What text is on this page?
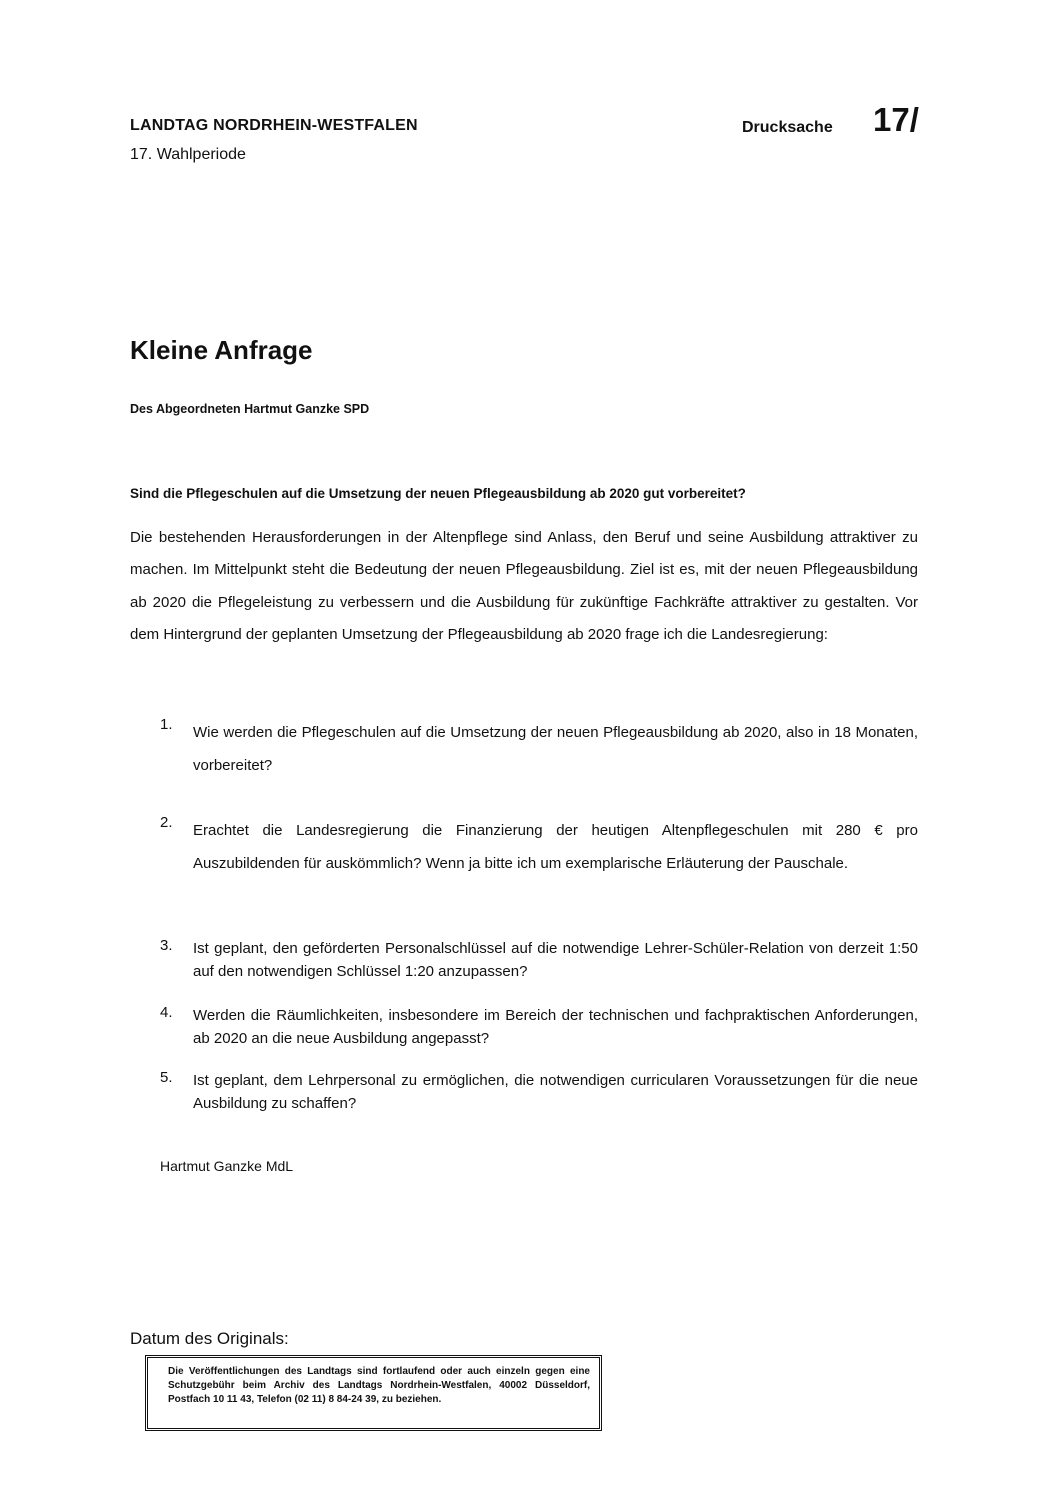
LANDTAG NORDRHEIN-WESTFALEN
17. Wahlperiode
Drucksache 17/
Kleine Anfrage
Des Abgeordneten Hartmut Ganzke SPD
Sind die Pflegeschulen auf die Umsetzung der neuen Pflegeausbildung ab 2020 gut vorbereitet?
Die bestehenden Herausforderungen in der Altenpflege sind Anlass, den Beruf und seine Ausbildung attraktiver zu machen. Im Mittelpunkt steht die Bedeutung der neuen Pflegeausbildung. Ziel ist es, mit der neuen Pflegeausbildung ab 2020 die Pflegeleistung zu verbessern und die Ausbildung für zukünftige Fachkräfte attraktiver zu gestalten. Vor dem Hintergrund der geplanten Umsetzung der Pflegeausbildung ab 2020 frage ich die Landesregierung:
1. Wie werden die Pflegeschulen auf die Umsetzung der neuen Pflegeausbildung ab 2020, also in 18 Monaten, vorbereitet?
2. Erachtet die Landesregierung die Finanzierung der heutigen Altenpflegeschulen mit 280 € pro Auszubildenden für auskömmlich? Wenn ja bitte ich um exemplarische Erläuterung der Pauschale.
3. Ist geplant, den geförderten Personalschlüssel auf die notwendige Lehrer-Schüler-Relation von derzeit 1:50 auf den notwendigen Schlüssel 1:20 anzupassen?
4. Werden die Räumlichkeiten, insbesondere im Bereich der technischen und fachpraktischen Anforderungen, ab 2020 an die neue Ausbildung angepasst?
5. Ist geplant, dem Lehrpersonal zu ermöglichen, die notwendigen curricularen Voraussetzungen für die neue Ausbildung zu schaffen?
Hartmut Ganzke MdL
Datum des Originals:
Die Veröffentlichungen des Landtags sind fortlaufend oder auch einzeln gegen eine Schutzgebühr beim Archiv des Landtags Nordrhein-Westfalen, 40002 Düsseldorf, Postfach 10 11 43, Telefon (02 11) 8 84-24 39, zu beziehen.
